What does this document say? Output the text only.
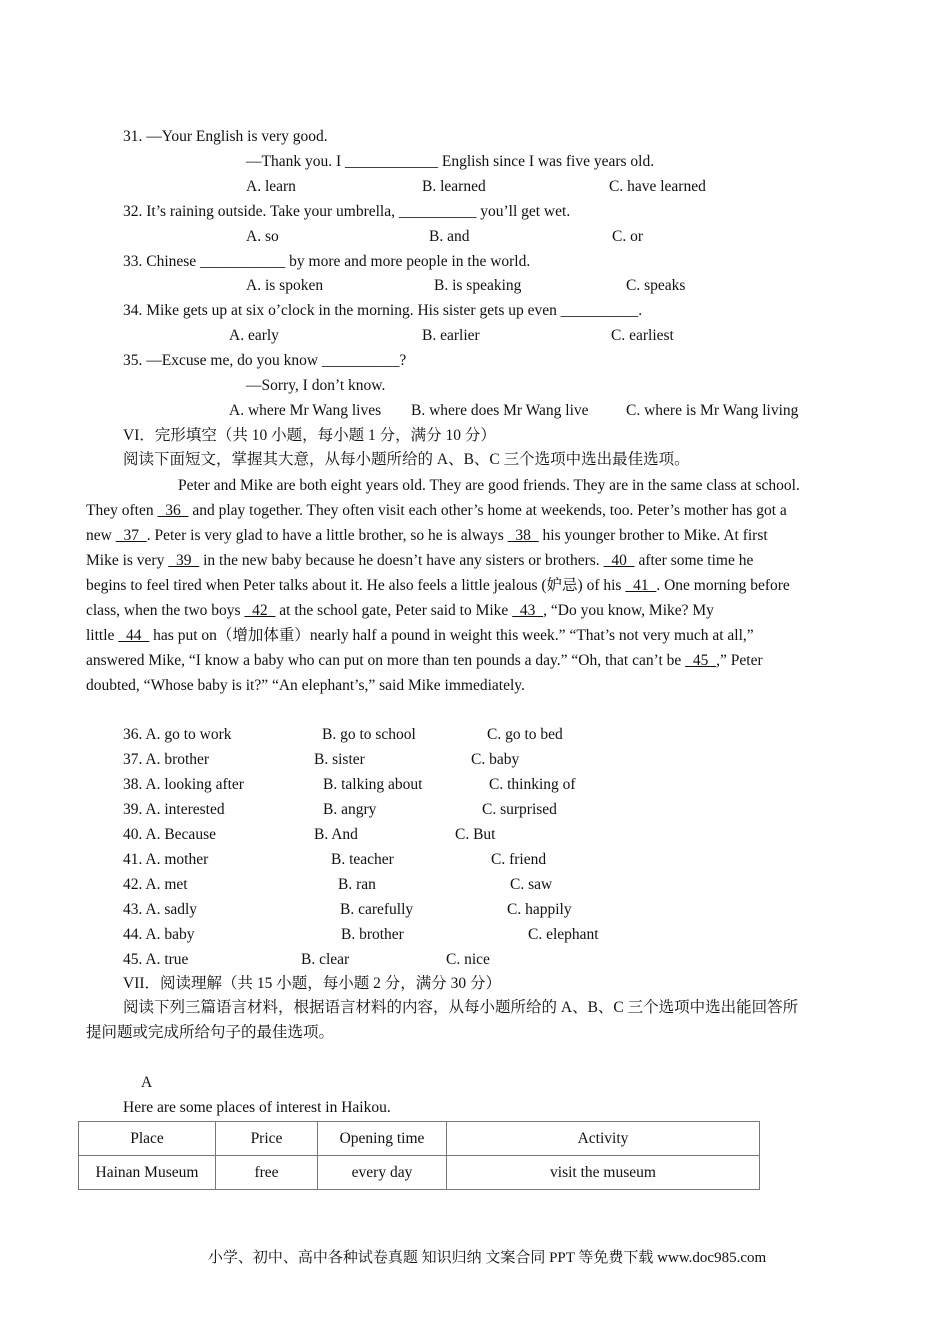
31. —Your English is very good.
—Thank you. I ____________ English since I was five years old.
A. learn	B. learned	C. have learned
32. It’s raining outside. Take your umbrella, __________ you’ll get wet.
A. so	B. and	C. or
33. Chinese ___________ by more and more people in the world.
A. is spoken	B. is speaking	C. speaks
34. Mike gets up at six o’clock in the morning. His sister gets up even __________.
A. early	B. earlier	C. earliest
35. —Excuse me, do you know __________?
—Sorry, I don’t know.
A. where Mr Wang lives B. where does Mr Wang live C. where is Mr Wang living
VI．完形填空（共 10 小题，每小题 1 分，满分 10 分）
阅读下面短文，掌握其大意，从每小题所给的 A、B、C 三个选项中选出最佳选项。
Peter and Mike are both eight years old. They are good friends. They are in the same class at school.
They often   36   and play together. They often visit each other’s home at weekends, too. Peter’s mother has got a
new   37  . Peter is very glad to have a little brother, so he is always   38   his younger brother to Mike. At first
Mike is very   39   in the new baby because he doesn’t have any sisters or brothers.   40   after some time he
begins to feel tired when Peter talks about it. He also feels a little jealous (妒忌) of his   41  . One morning before
class, when the two boys   42   at the school gate, Peter said to Mike   43  , “Do you know, Mike? My
little   44   has put on（增加体重）nearly half a pound in weight this week.” “That’s not very much at all,”
answered Mike, “I know a baby who can put on more than ten pounds a day.” “Oh, that can’t be   45  ,” Peter
doubted, “Whose baby is it?” “An elephant’s,” said Mike immediately.
36. A. go to work	B. go to school	C. go to bed
37. A. brother	B. sister	C. baby
38. A. looking after	B. talking about	C. thinking of
39. A. interested	B. angry	C. surprised
40. A. Because	B. And	C. But
41. A. mother	B. teacher	C. friend
42. A. met	B. ran	C. saw
43. A. sadly	B. carefully	C. happily
44. A. baby	B. brother	C. elephant
45. A. true	B. clear	C. nice
VII．阅读理解（共 15 小题，每小题 2 分，满分 30 分）
阅读下列三篇语言材料，根据语言材料的内容，从每小题所给的 A、B、C 三个选项中选出能回答所
提问题或完成所给句子的最佳选项。
A
Here are some places of interest in Haikou.
Place	Price	Opening time	Activity
Hainan Museum	free	every day	visit the museum
小学、初中、高中各种试卷真题 知识归纳 文案合同 PPT 等免费下载 www.doc985.com
